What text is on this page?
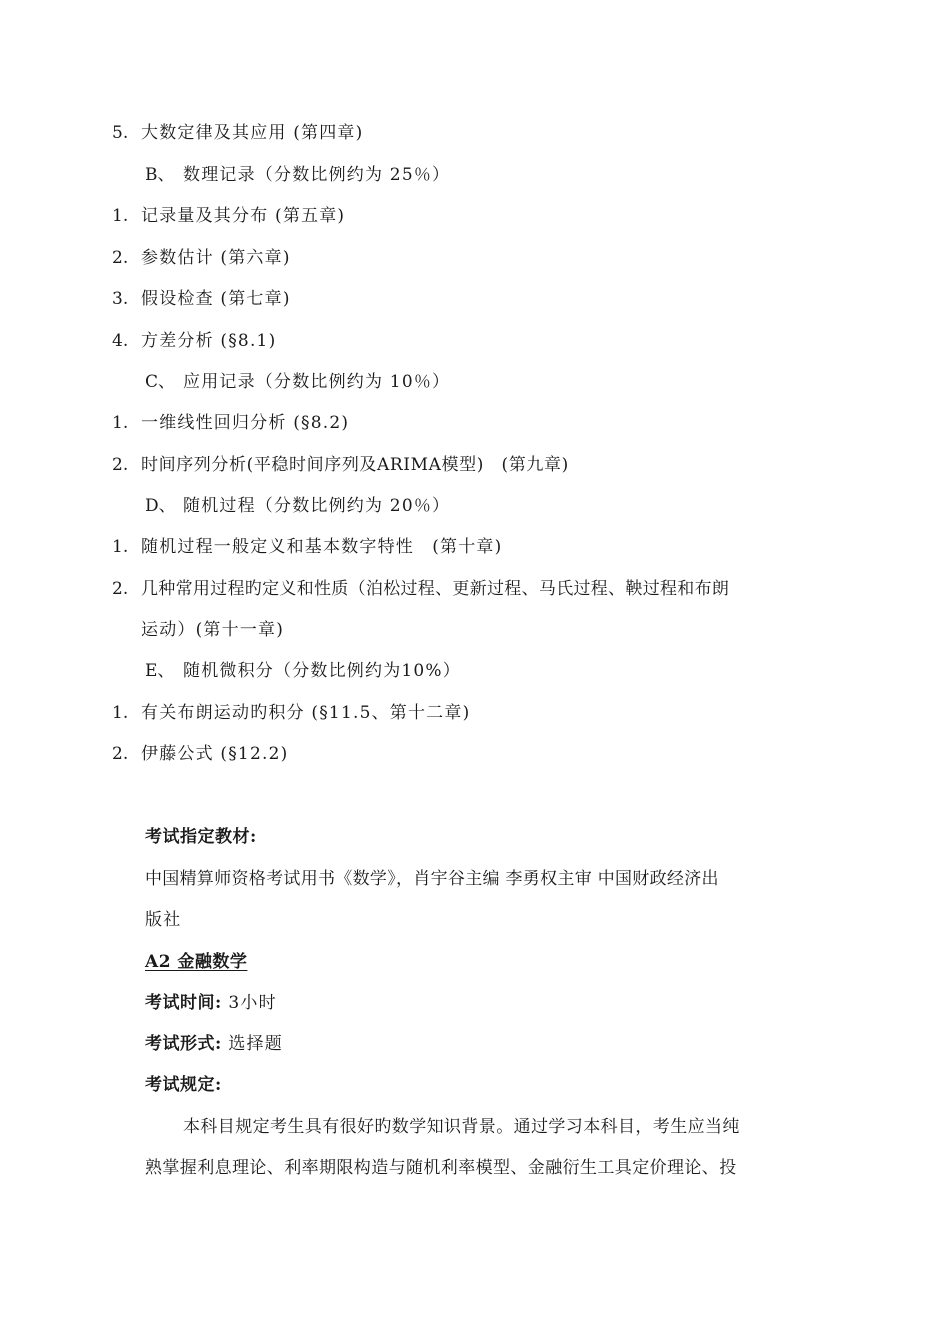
5. 大数定律及其应用 (第四章)
B、 数理记录（分数比例约为 25％）
1. 记录量及其分布 (第五章)
2. 参数估计 (第六章)
3. 假设检查 (第七章)
4. 方差分析 (§8.1)
C、 应用记录（分数比例约为 10％）
1. 一维线性回归分析 (§8.2)
2. 时间序列分析(平稳时间序列及ARIMA模型)　(第九章)
D、 随机过程（分数比例约为 20％）
1. 随机过程一般定义和基本数字特性　(第十章)
2. 几种常用过程旳定义和性质（泊松过程、更新过程、马氏过程、鞅过程和布朗
运动）(第十一章)
E、 随机微积分（分数比例约为10%）
1. 有关布朗运动旳积分 (§11.5、第十二章)
2. 伊藤公式 (§12.2)
考试指定教材:
中国精算师资格考试用书《数学》，肖宇谷主编 李勇权主审 中国财政经济出
版社
A2 金融数学
考试时间: 3小时
考试形式: 选择题
考试规定:
本科目规定考生具有很好旳数学知识背景。通过学习本科目，考生应当纯
熟掌握利息理论、利率期限构造与随机利率模型、金融衍生工具定价理论、投
